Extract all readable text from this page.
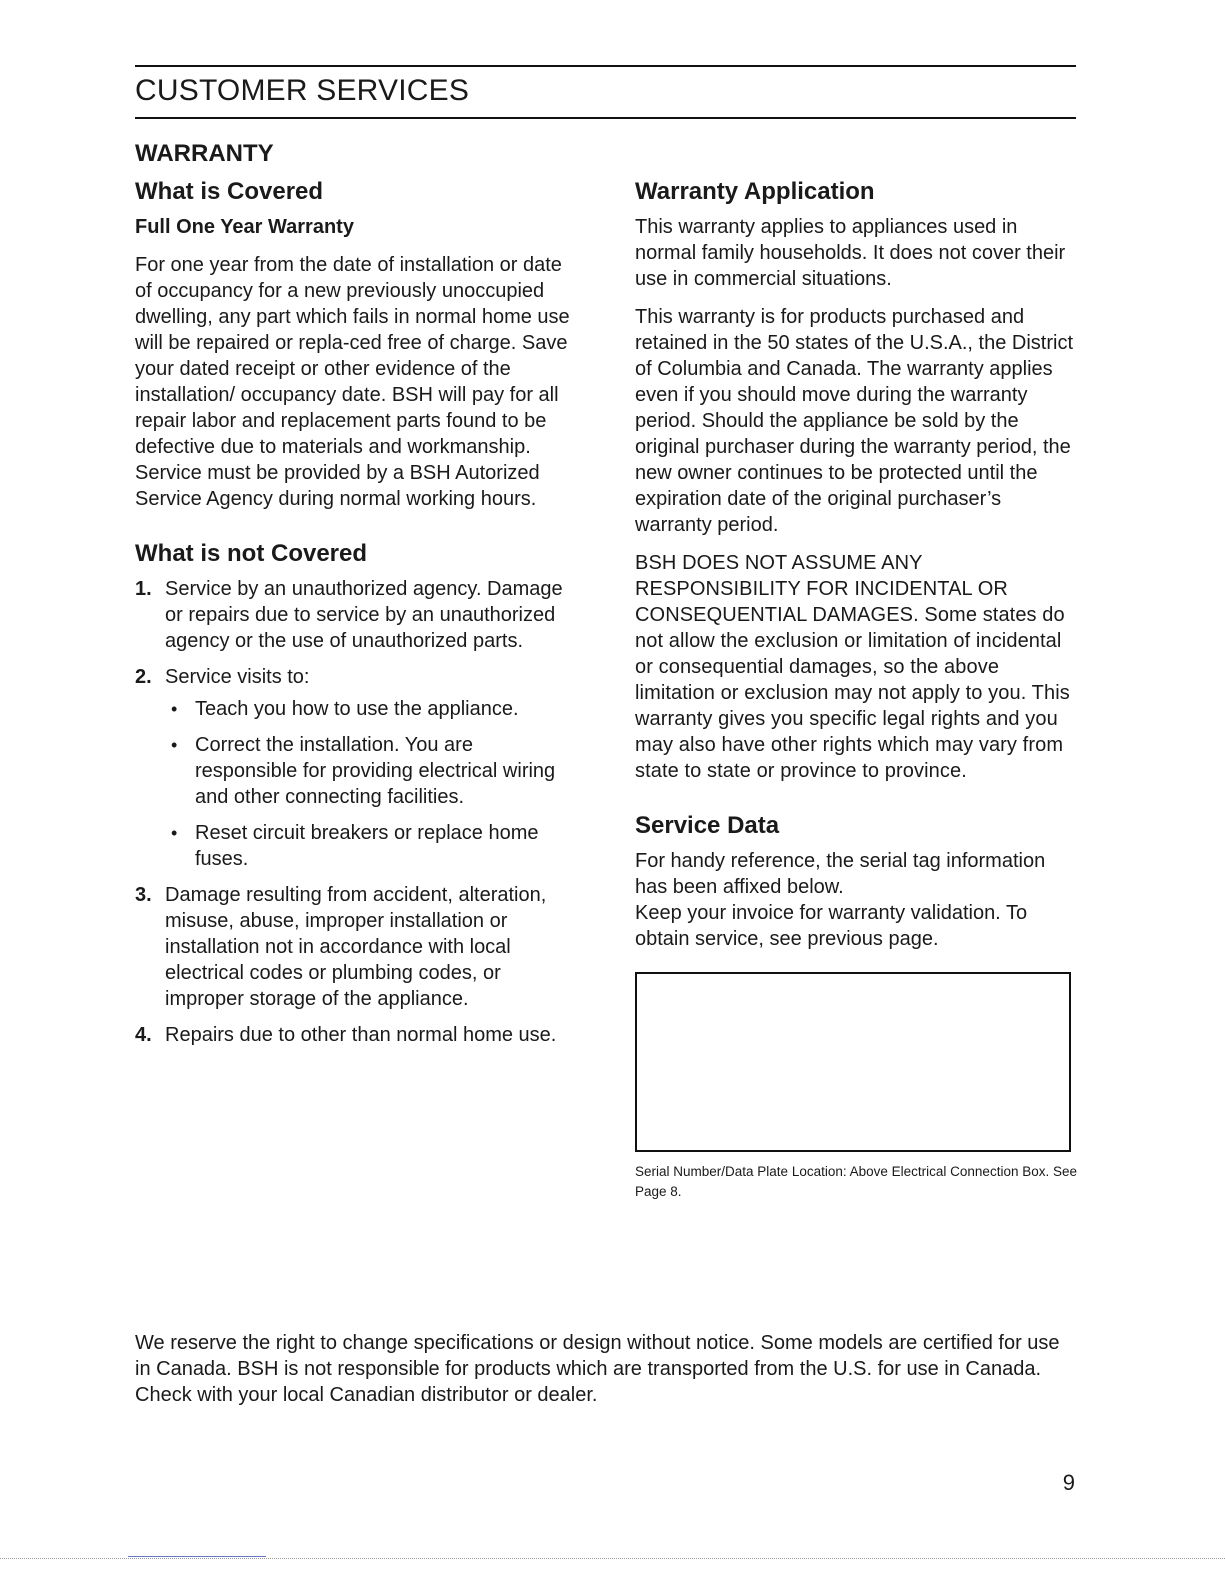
CUSTOMER SERVICES
WARRANTY
What is Covered
Full One Year Warranty

For one year from the date of installation or date of occupancy for a new previously unoccupied dwelling, any part which fails in normal home use will be repaired or repla-ced free of charge. Save your dated receipt or other evidence of the installation/ occupancy date. BSH will pay for all repair labor and replacement parts found to be defective due to materials and workmanship. Service must be provided by a BSH Autorized Service Agency during normal working hours.

What is not Covered
1. Service by an unauthorized agency. Damage or repairs due to service by an unauthorized agency or the use of unauthorized parts.
2. Service visits to:
• Teach you how to use the appliance.
• Correct the installation. You are responsible for providing electrical wiring and other connecting facilities.
• Reset circuit breakers or replace home fuses.
3. Damage resulting from accident, alteration, misuse, abuse, improper installation or installation not in accordance with local electrical codes or plumbing codes, or improper storage of the appliance.
4. Repairs due to other than normal home use.
Warranty Application

This warranty applies to appliances used in normal family households. It does not cover their use in commercial situations.

This warranty is for products purchased and retained in the 50 states of the U.S.A., the District of Columbia and Canada. The warranty applies even if you should move during the warranty period. Should the appliance be sold by the original purchaser during the warranty period, the new owner continues to be protected until the expiration date of the original purchaser’s warranty period.

BSH DOES NOT ASSUME ANY RESPONSIBILITY FOR INCIDENTAL OR CONSEQUENTIAL DAMAGES. Some states do not allow the exclusion or limitation of incidental or consequential damages, so the above limitation or exclusion may not apply to you. This warranty gives you specific legal rights and you may also have other rights which may vary from state to state or province to province.

Service Data

For handy reference, the serial tag information has been affixed below.

Keep your invoice for warranty validation. To obtain service, see previous page.

Serial Number/Data Plate Location: Above Electrical Connection Box. See Page 8.
We reserve the right to change specifications or design without notice. Some models are certified for use in Canada. BSH is not responsible for products which are transported from the U.S. for use in Canada. Check with your local Canadian distributor or dealer.
9
